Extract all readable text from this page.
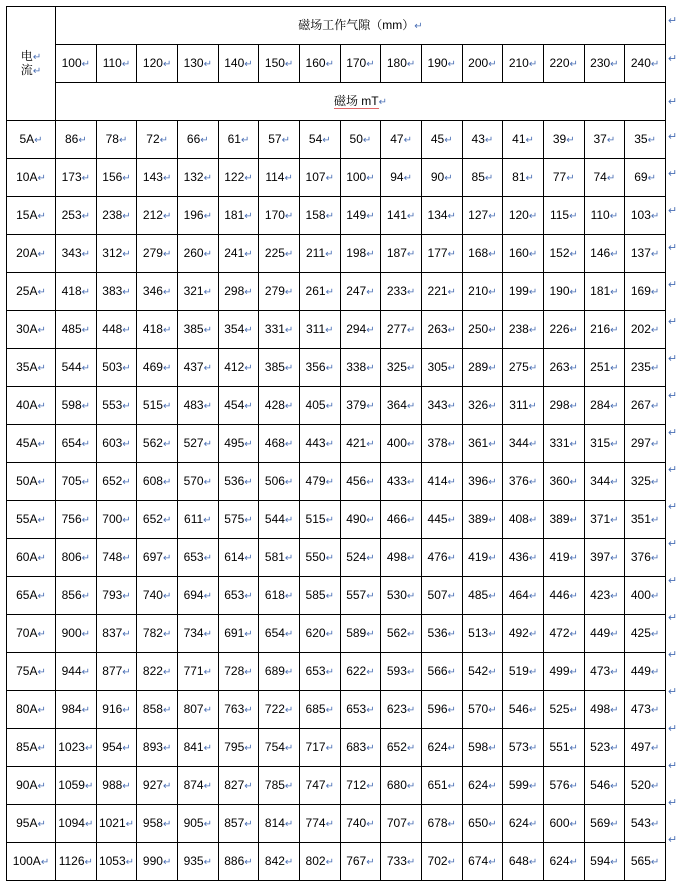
电↵
流↵	磁场工作气隙（mm）↵														
	100↵	110↵	120↵	130↵	140↵	150↵	160↵	170↵	180↵	190↵	200↵	210↵	220↵	230↵	240↵
	磁场 mT↵														
5A↵	86↵	78↵	72↵	66↵	61↵	57↵	54↵	50↵	47↵	45↵	43↵	41↵	39↵	37↵	35↵
10A↵	173↵	156↵	143↵	132↵	122↵	114↵	107↵	100↵	94↵	90↵	85↵	81↵	77↵	74↵	69↵
15A↵	253↵	238↵	212↵	196↵	181↵	170↵	158↵	149↵	141↵	134↵	127↵	120↵	115↵	110↵	103↵
20A↵	343↵	312↵	279↵	260↵	241↵	225↵	211↵	198↵	187↵	177↵	168↵	160↵	152↵	146↵	137↵
25A↵	418↵	383↵	346↵	321↵	298↵	279↵	261↵	247↵	233↵	221↵	210↵	199↵	190↵	181↵	169↵
30A↵	485↵	448↵	418↵	385↵	354↵	331↵	311↵	294↵	277↵	263↵	250↵	238↵	226↵	216↵	202↵
35A↵	544↵	503↵	469↵	437↵	412↵	385↵	356↵	338↵	325↵	305↵	289↵	275↵	263↵	251↵	235↵
40A↵	598↵	553↵	515↵	483↵	454↵	428↵	405↵	379↵	364↵	343↵	326↵	311↵	298↵	284↵	267↵
45A↵	654↵	603↵	562↵	527↵	495↵	468↵	443↵	421↵	400↵	378↵	361↵	344↵	331↵	315↵	297↵
50A↵	705↵	652↵	608↵	570↵	536↵	506↵	479↵	456↵	433↵	414↵	396↵	376↵	360↵	344↵	325↵
55A↵	756↵	700↵	652↵	611↵	575↵	544↵	515↵	490↵	466↵	445↵	389↵	408↵	389↵	371↵	351↵
60A↵	806↵	748↵	697↵	653↵	614↵	581↵	550↵	524↵	498↵	476↵	419↵	436↵	419↵	397↵	376↵
65A↵	856↵	793↵	740↵	694↵	653↵	618↵	585↵	557↵	530↵	507↵	485↵	464↵	446↵	423↵	400↵
70A↵	900↵	837↵	782↵	734↵	691↵	654↵	620↵	589↵	562↵	536↵	513↵	492↵	472↵	449↵	425↵
75A↵	944↵	877↵	822↵	771↵	728↵	689↵	653↵	622↵	593↵	566↵	542↵	519↵	499↵	473↵	449↵
80A↵	984↵	916↵	858↵	807↵	763↵	722↵	685↵	653↵	623↵	596↵	570↵	546↵	525↵	498↵	473↵
85A↵	1023↵	954↵	893↵	841↵	795↵	754↵	717↵	683↵	652↵	624↵	598↵	573↵	551↵	523↵	497↵
90A↵	1059↵	988↵	927↵	874↵	827↵	785↵	747↵	712↵	680↵	651↵	624↵	599↵	576↵	546↵	520↵
95A↵	1094↵	1021↵	958↵	905↵	857↵	814↵	774↵	740↵	707↵	678↵	650↵	624↵	600↵	569↵	543↵
100A↵	1126↵	1053↵	990↵	935↵	886↵	842↵	802↵	767↵	733↵	702↵	674↵	648↵	624↵	594↵	565↵
↵
↵
↵
↵
↵
↵
↵
↵
↵
↵
↵
↵
↵
↵
↵
↵
↵
↵
↵
↵
↵
↵
↵
